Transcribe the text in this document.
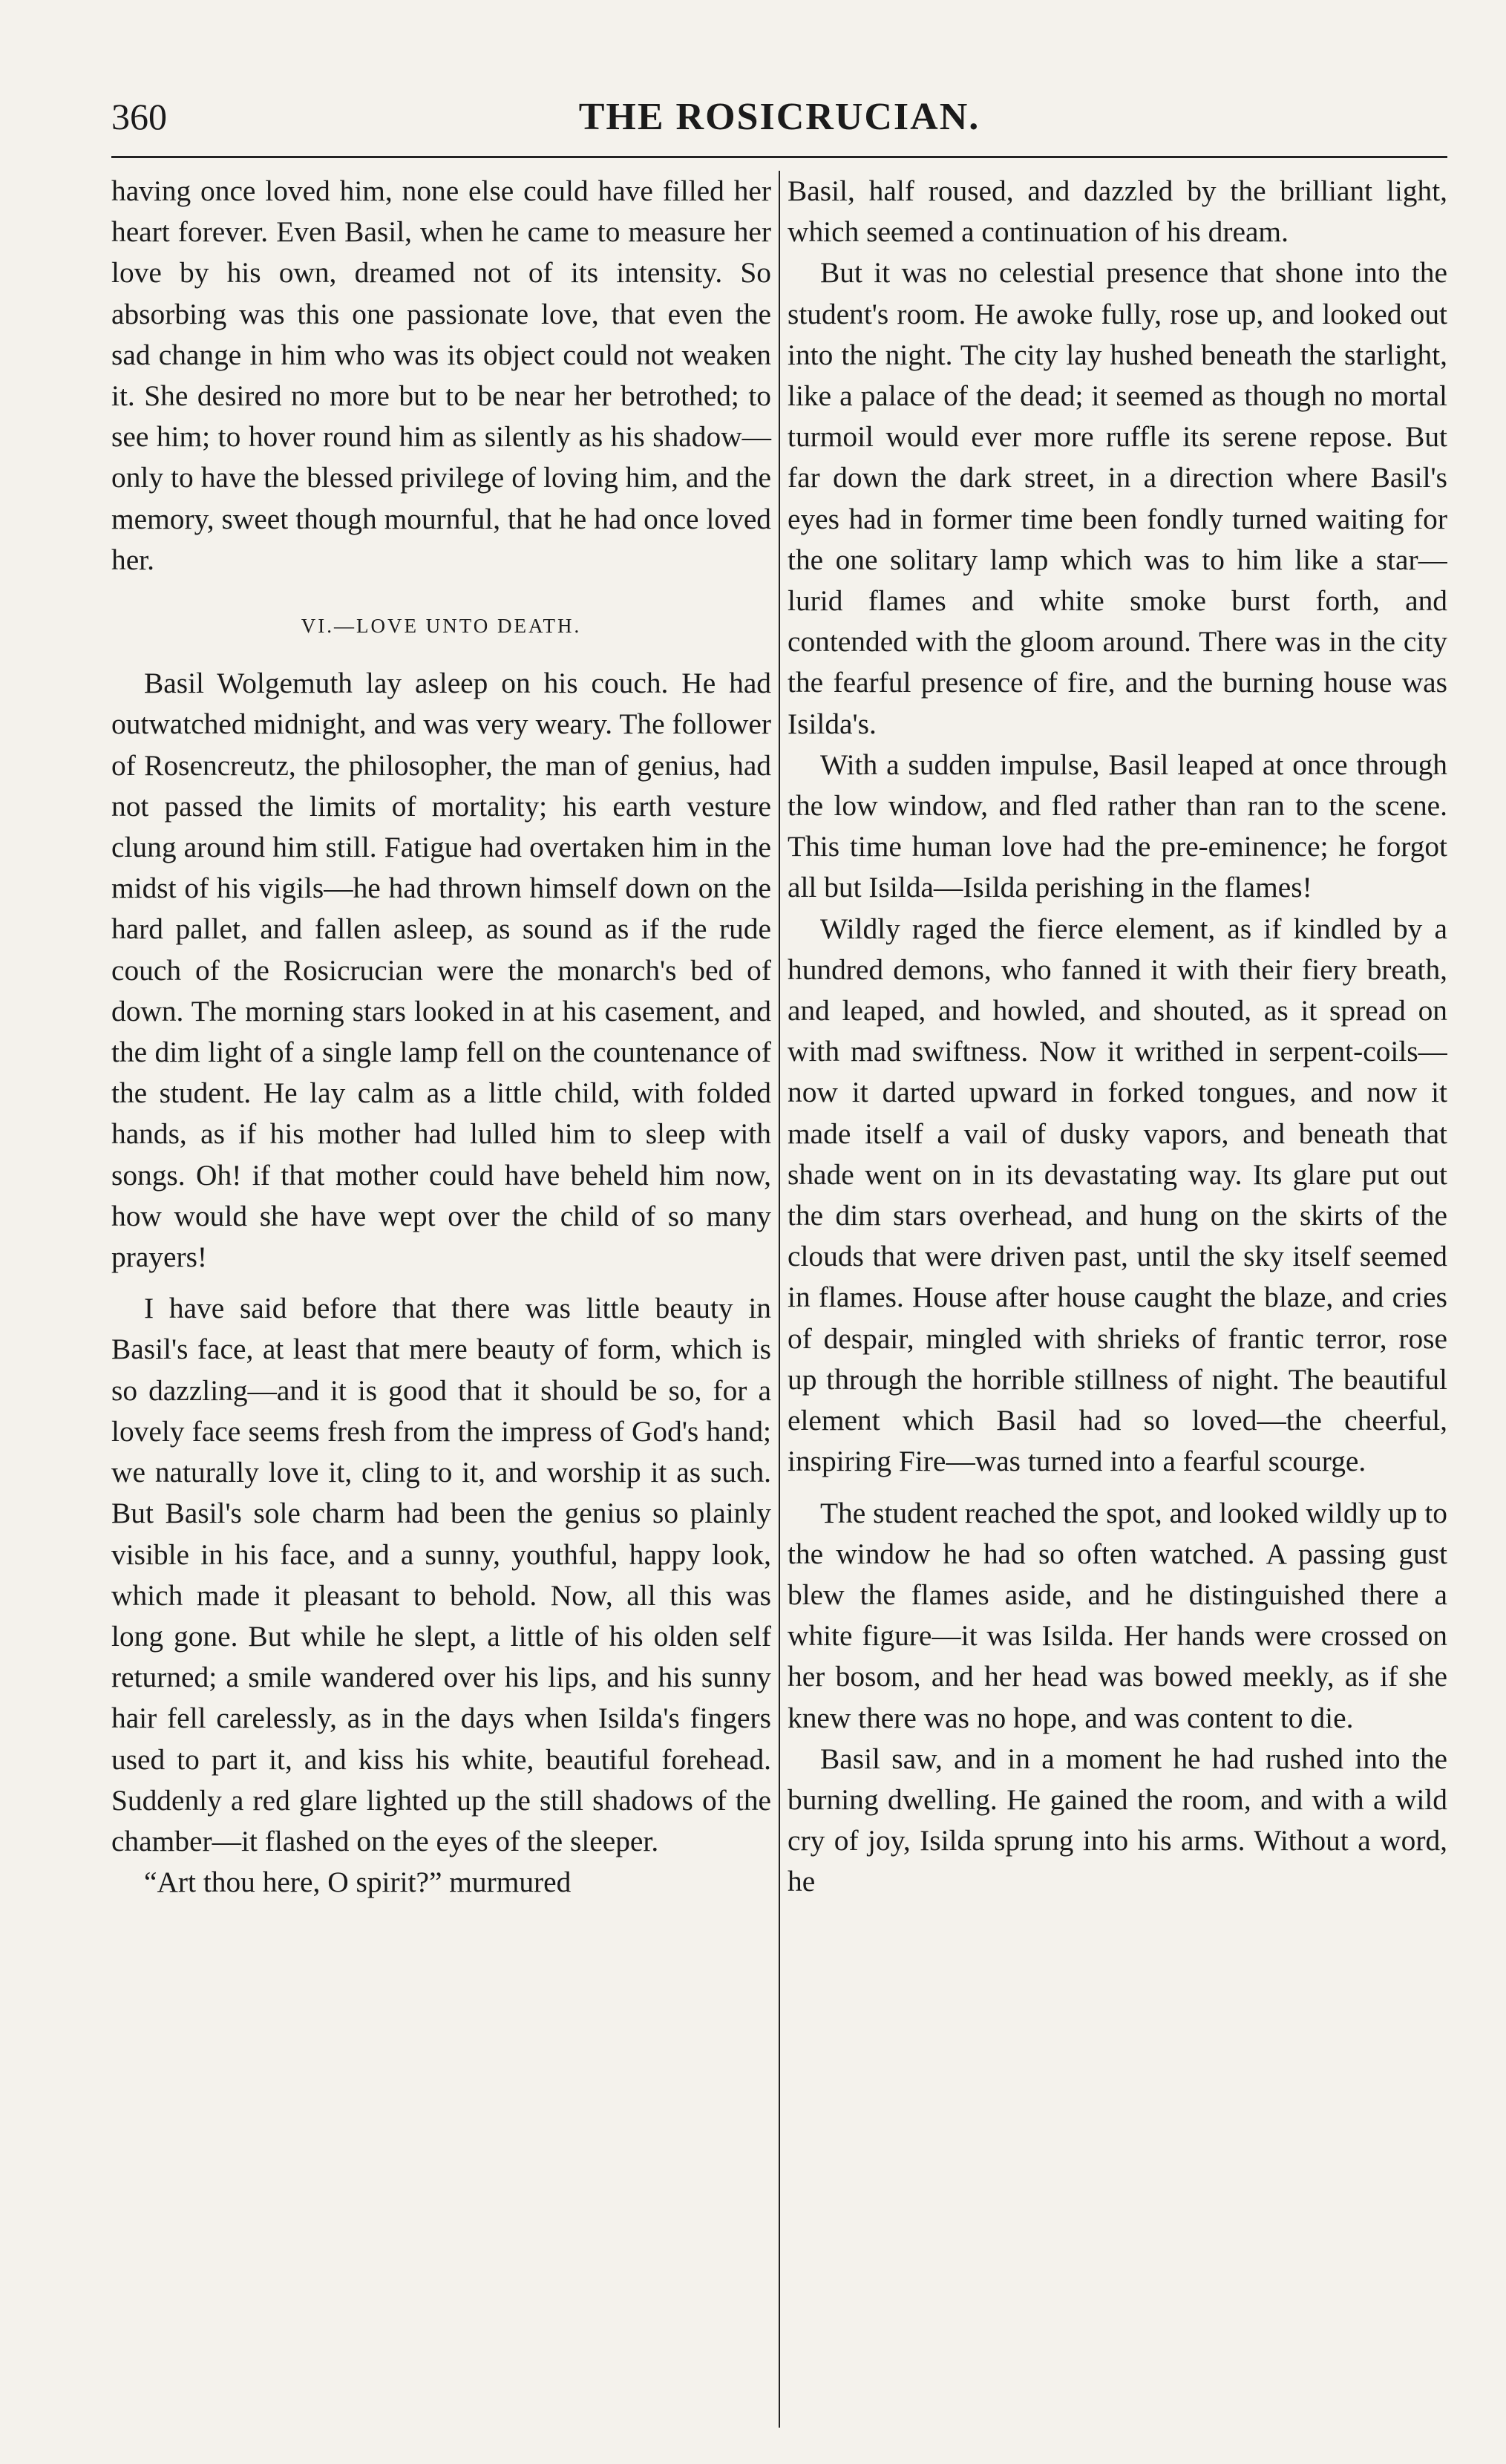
360	THE ROSICRUCIAN.

having once loved him, none else could have filled her heart forever. Even Basil, when he came to measure her love by his own, dreamed not of its intensity. So absorbing was this one passionate love, that even the sad change in him who was its object could not weaken it. She desired no more but to be near her betrothed; to see him; to hover round him as silently as his shadow— only to have the blessed privilege of loving him, and the memory, sweet though mournful, that he had once loved her.

VI.—LOVE UNTO DEATH.

Basil Wolgemuth lay asleep on his couch. He had outwatched midnight, and was very weary. The follower of Rosencreutz, the philosopher, the man of genius, had not passed the limits of mortality; his earth vesture clung around him still. Fatigue had overtaken him in the midst of his vigils—he had thrown himself down on the hard pallet, and fallen asleep, as sound as if the rude couch of the Rosicrucian were the monarch's bed of down. The morning stars looked in at his casement, and the dim light of a single lamp fell on the countenance of the student. He lay calm as a little child, with folded hands, as if his mother had lulled him to sleep with songs. Oh! if that mother could have beheld him now, how would she have wept over the child of so many prayers!

I have said before that there was little beauty in Basil's face, at least that mere beauty of form, which is so dazzling—and it is good that it should be so, for a lovely face seems fresh from the impress of God's hand; we naturally love it, cling to it, and worship it as such. But Basil's sole charm had been the genius so plainly visible in his face, and a sunny, youthful, happy look, which made it pleasant to behold. Now, all this was long gone. But while he slept, a little of his olden self returned; a smile wandered over his lips, and his sunny hair fell carelessly, as in the days when Isilda's fingers used to part it, and kiss his white, beautiful forehead. Suddenly a red glare lighted up the still shadows of the chamber—it flashed on the eyes of the sleeper.

“Art thou here, O spirit?” murmured

Basil, half roused, and dazzled by the brilliant light, which seemed a continuation of his dream.

But it was no celestial presence that shone into the student's room. He awoke fully, rose up, and looked out into the night. The city lay hushed beneath the starlight, like a palace of the dead; it seemed as though no mortal turmoil would ever more ruffle its serene repose. But far down the dark street, in a direction where Basil's eyes had in former time been fondly turned waiting for the one solitary lamp which was to him like a star—lurid flames and white smoke burst forth, and contended with the gloom around. There was in the city the fearful presence of fire, and the burning house was Isilda's.

With a sudden impulse, Basil leaped at once through the low window, and fled rather than ran to the scene. This time human love had the pre-eminence; he forgot all but Isilda—Isilda perishing in the flames!

Wildly raged the fierce element, as if kindled by a hundred demons, who fanned it with their fiery breath, and leaped, and howled, and shouted, as it spread on with mad swiftness. Now it writhed in serpent-coils—now it darted upward in forked tongues, and now it made itself a vail of dusky vapors, and beneath that shade went on in its devastating way. Its glare put out the dim stars overhead, and hung on the skirts of the clouds that were driven past, until the sky itself seemed in flames. House after house caught the blaze, and cries of despair, mingled with shrieks of frantic terror, rose up through the horrible stillness of night. The beautiful element which Basil had so loved—the cheerful, inspiring Fire—was turned into a fearful scourge.

The student reached the spot, and looked wildly up to the window he had so often watched. A passing gust blew the flames aside, and he distinguished there a white figure—it was Isilda. Her hands were crossed on her bosom, and her head was bowed meekly, as if she knew there was no hope, and was content to die.

Basil saw, and in a moment he had rushed into the burning dwelling. He gained the room, and with a wild cry of joy, Isilda sprung into his arms. Without a word, he
